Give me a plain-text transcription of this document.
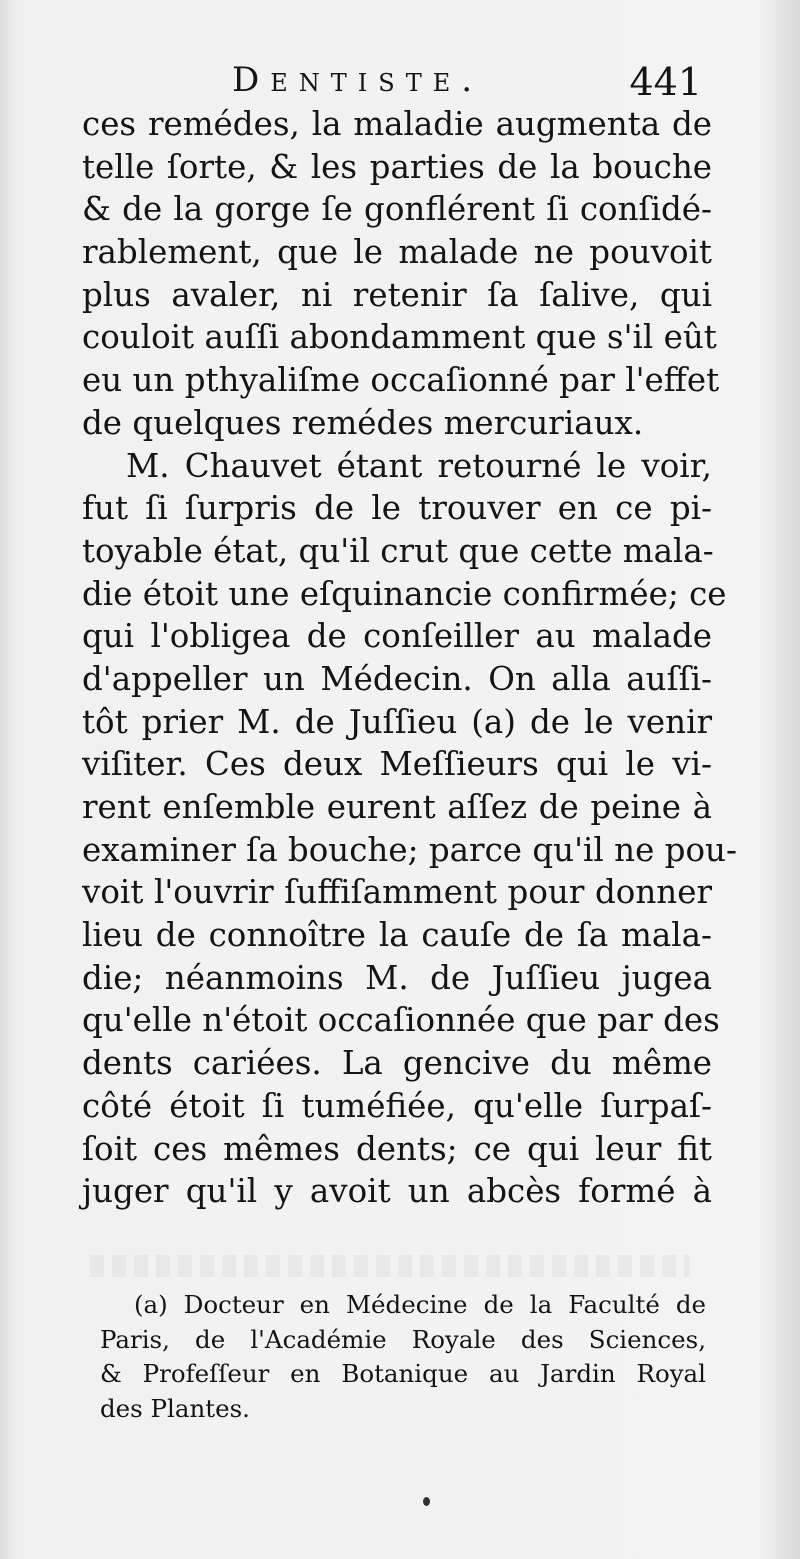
Dentiste.	441
ces remédes, la maladie augmenta de
telle ſorte, & les parties de la bouche
& de la gorge ſe gonflérent ſi conſidé-
rablement, que le malade ne pouvoit
plus avaler, ni retenir ſa ſalive, qui
couloit auſſi abondamment que s'il eût
eu un pthyaliſme occaſionné par l'effet
de quelques remédes mercuriaux.
M. Chauvet étant retourné le voir,
fut ſi ſurpris de le trouver en ce pi-
toyable état, qu'il crut que cette mala-
die étoit une eſquinancie confirmée; ce
qui l'obligea de conſeiller au malade
d'appeller un Médecin. On alla auſſi-
tôt prier M. de Juſſieu (a) de le venir
viſiter. Ces deux Meſſieurs qui le vi-
rent enſemble eurent aſſez de peine à
examiner ſa bouche; parce qu'il ne pou-
voit l'ouvrir ſuffiſamment pour donner
lieu de connoître la cauſe de ſa mala-
die; néanmoins M. de Juſſieu jugea
qu'elle n'étoit occaſionnée que par des
dents cariées. La gencive du même
côté étoit ſi tuméfiée, qu'elle ſurpaſ-
ſoit ces mêmes dents; ce qui leur fit
juger qu'il y avoit un abcès formé à
(a) Docteur en Médecine de la Faculté de
Paris, de l'Académie Royale des Sciences,
& Profeſſeur en Botanique au Jardin Royal
des Plantes.
